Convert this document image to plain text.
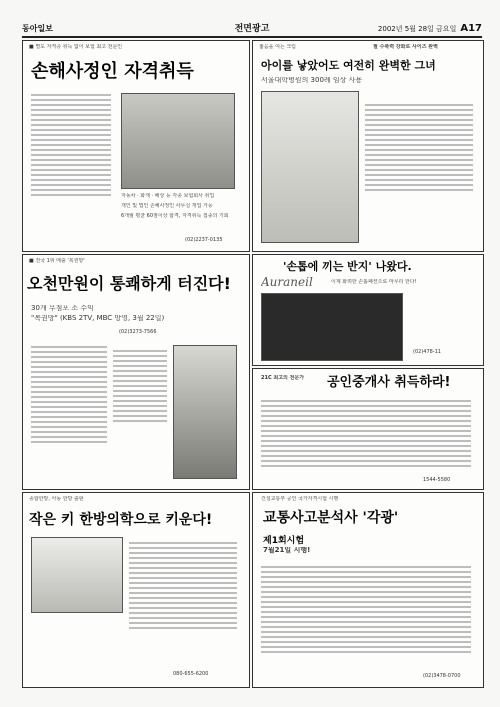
동아일보	전면광고	2002년 5월 28일 금요일 A17
■ 별도 자격증 취득 없이 보험 최고 전문인
손해사정인 자격취득
자동차 · 화재 · 해상 등 각종 보험회사 취업
개인 및 법인 손해사정인 사무실 개업 가능
6개월 평균 60점이상 합격, 자격취득 접종의 기회
(02)2237-0135
젊음을 여는 크림	필 수축력 강화로 사이즈 완벽
아이를 낳았어도 여전히 완벽한 그녀
서울대학병원의 300례 임상 사용
'손톱에 끼는 반지' 나왔다.
Auraneil	이제 화려한 손톱패션으로 마무리 한다!
(02)478-11
■ 전국 1위 매출 '복권방'
오천만원이 통쾌하게 터진다!
30개 무점포 소 수익
"복권방" (KBS 2TV, MBC 방영, 3월 22일)
(02)3273-7566
21C 최고의 전문가 공인중개사 취득하라!
1544-5580
종합한방, 아동 한방 출판
작은 키 한방의학으로 키운다!
080-655-6200
건설교통부 공인 국가자격시험 시행
교통사고분석사 '각광'
제1회시험
7월21일 시행!
(02)3478-0700
